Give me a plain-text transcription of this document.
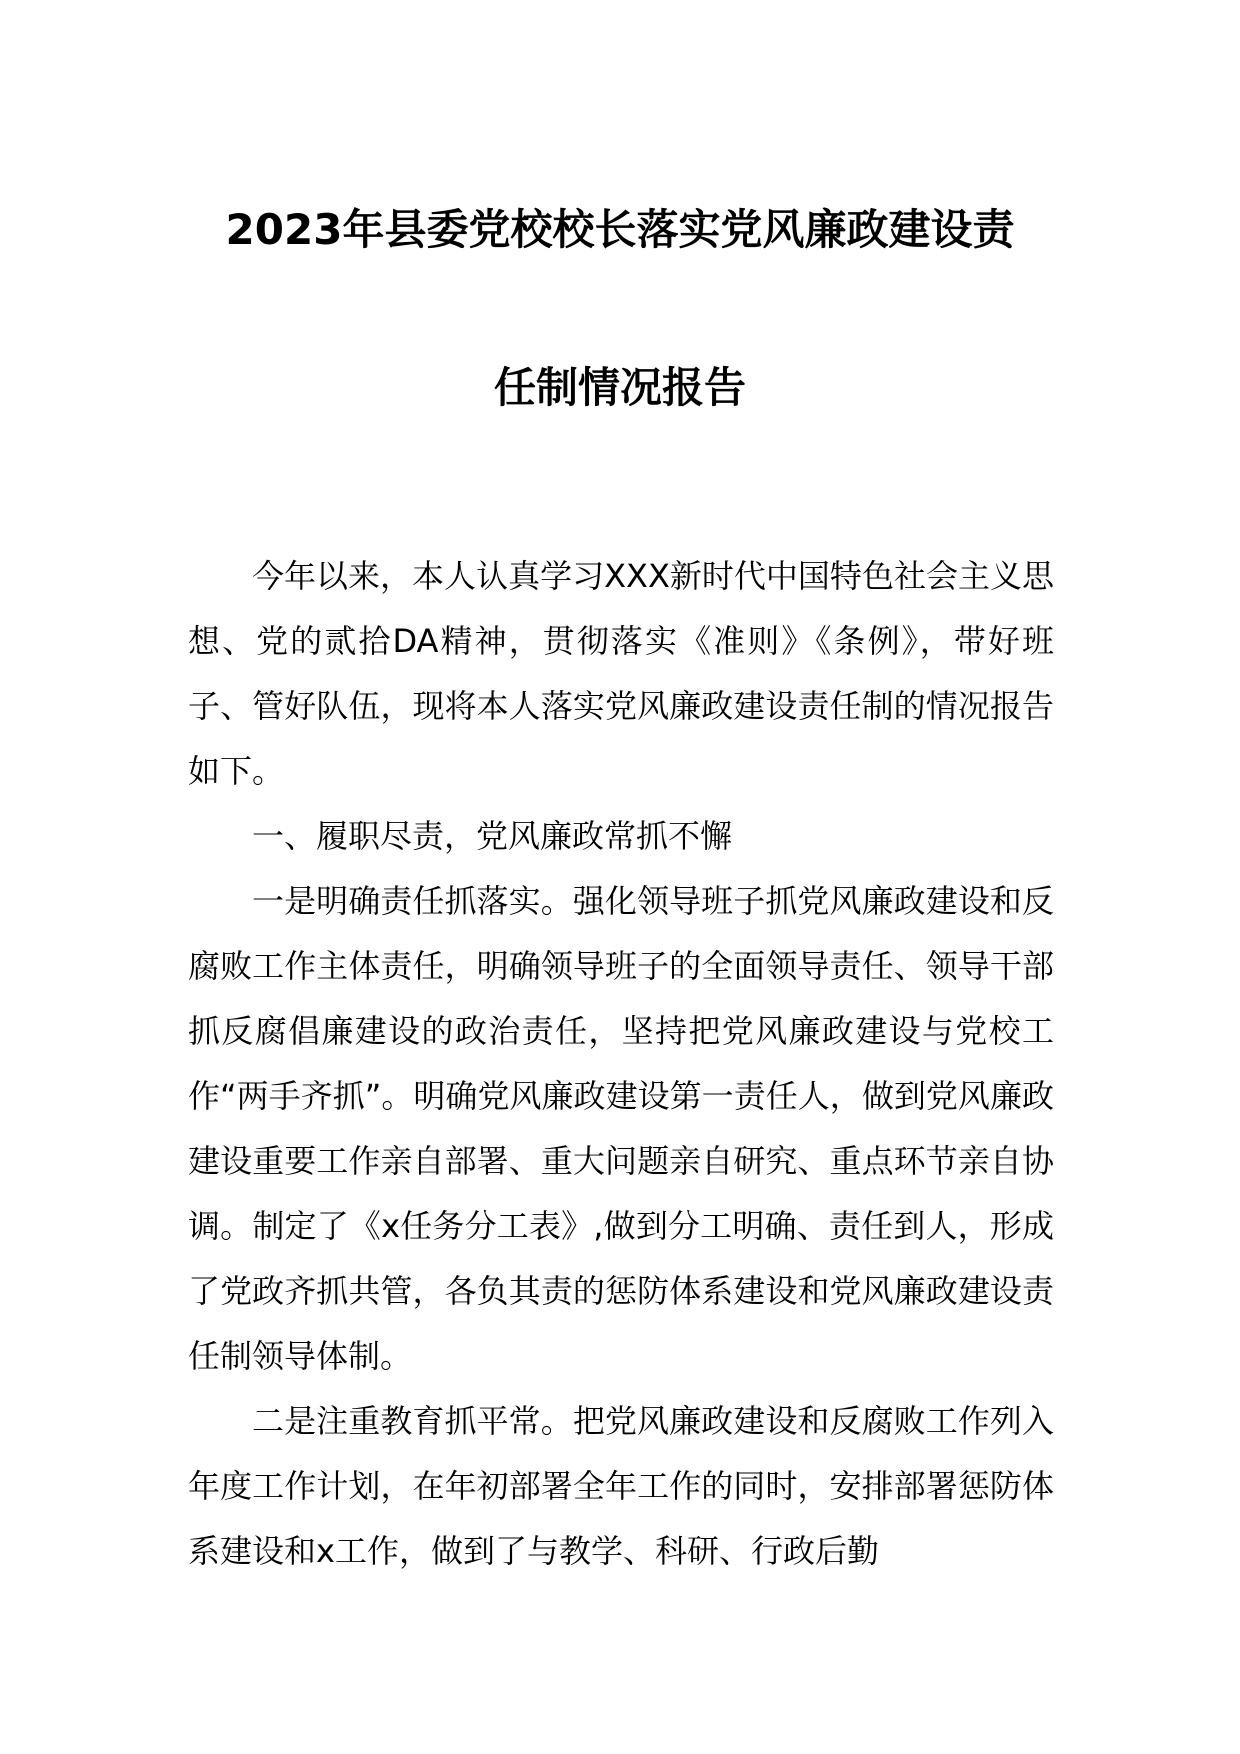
2023年县委党校校长落实党风廉政建设责
任制情况报告

今年以来，本人认真学习XXX新时代中国特色社会主义思想、党的贰拾DA精神，贯彻落实《准则》《条例》，带好班子、管好队伍，现将本人落实党风廉政建设责任制的情况报告如下。

一、履职尽责，党风廉政常抓不懈

一是明确责任抓落实。强化领导班子抓党风廉政建设和反腐败工作主体责任，明确领导班子的全面领导责任、领导干部抓反腐倡廉建设的政治责任，坚持把党风廉政建设与党校工作“两手齐抓”。明确党风廉政建设第一责任人，做到党风廉政建设重要工作亲自部署、重大问题亲自研究、重点环节亲自协调。制定了《x任务分工表》,做到分工明确、责任到人，形成了党政齐抓共管，各负其责的惩防体系建设和党风廉政建设责任制领导体制。

二是注重教育抓平常。把党风廉政建设和反腐败工作列入年度工作计划，在年初部署全年工作的同时，安排部署惩防体系建设和x工作，做到了与教学、科研、行政后勤
